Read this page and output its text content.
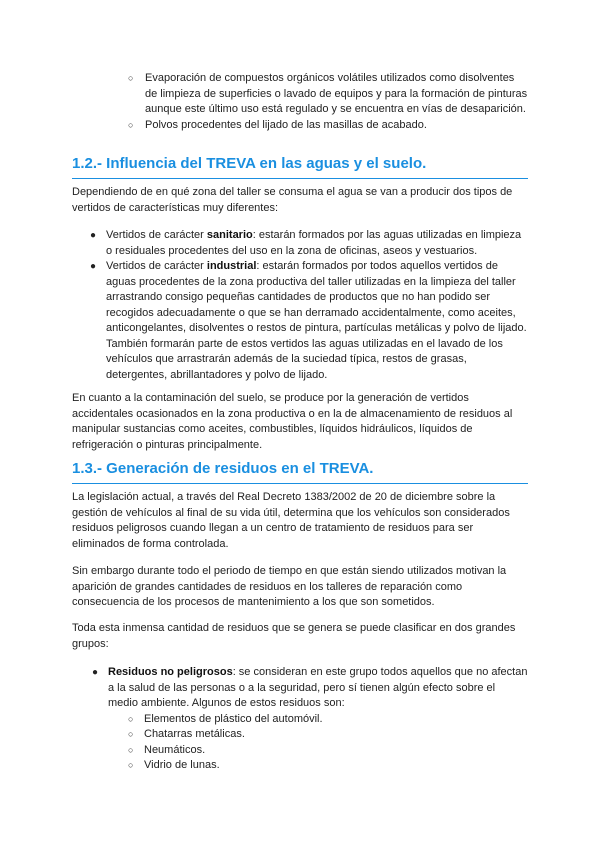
○ Evaporación de compuestos orgánicos volátiles utilizados como disolventes de limpieza de superficies o lavado de equipos y para la formación de pinturas aunque este último uso está regulado y se encuentra en vías de desaparición.
○ Polvos procedentes del lijado de las masillas de acabado.
1.2.- Influencia del TREVA en las aguas y el suelo.

Dependiendo de en qué zona del taller se consuma el agua se van a producir dos tipos de vertidos de características muy diferentes:

● Vertidos de carácter sanitario: estarán formados por las aguas utilizadas en limpieza o residuales procedentes del uso en la zona de oficinas, aseos y vestuarios.
● Vertidos de carácter industrial: estarán formados por todos aquellos vertidos de aguas procedentes de la zona productiva del taller utilizadas en la limpieza del taller arrastrando consigo pequeñas cantidades de productos que no han podido ser recogidos adecuadamente o que se han derramado accidentalmente, como aceites, anticongelantes, disolventes o restos de pintura, partículas metálicas y polvo de lijado. También formarán parte de estos vertidos las aguas utilizadas en el lavado de los vehículos que arrastrarán además de la suciedad típica, restos de grasas, detergentes, abrillantadores y polvo de lijado.

En cuanto a la contaminación del suelo, se produce por la generación de vertidos accidentales ocasionados en la zona productiva o en la de almacenamiento de residuos al manipular sustancias como aceites, combustibles, líquidos hidráulicos, líquidos de refrigeración o pinturas principalmente.

1.3.- Generación de residuos en el TREVA.

La legislación actual, a través del Real Decreto 1383/2002 de 20 de diciembre sobre la gestión de vehículos al final de su vida útil, determina que los vehículos son considerados residuos peligrosos cuando llegan a un centro de tratamiento de residuos para ser eliminados de forma controlada.

Sin embargo durante todo el periodo de tiempo en que están siendo utilizados motivan la aparición de grandes cantidades de residuos en los talleres de reparación como consecuencia de los procesos de mantenimiento a los que son sometidos.

Toda esta inmensa cantidad de residuos que se genera se puede clasificar en dos grandes grupos:

● Residuos no peligrosos: se consideran en este grupo todos aquellos que no afectan a la salud de las personas o a la seguridad, pero sí tienen algún efecto sobre el medio ambiente. Algunos de estos residuos son:
○ Elementos de plástico del automóvil.
○ Chatarras metálicas.
○ Neumáticos.
○ Vidrio de lunas.
